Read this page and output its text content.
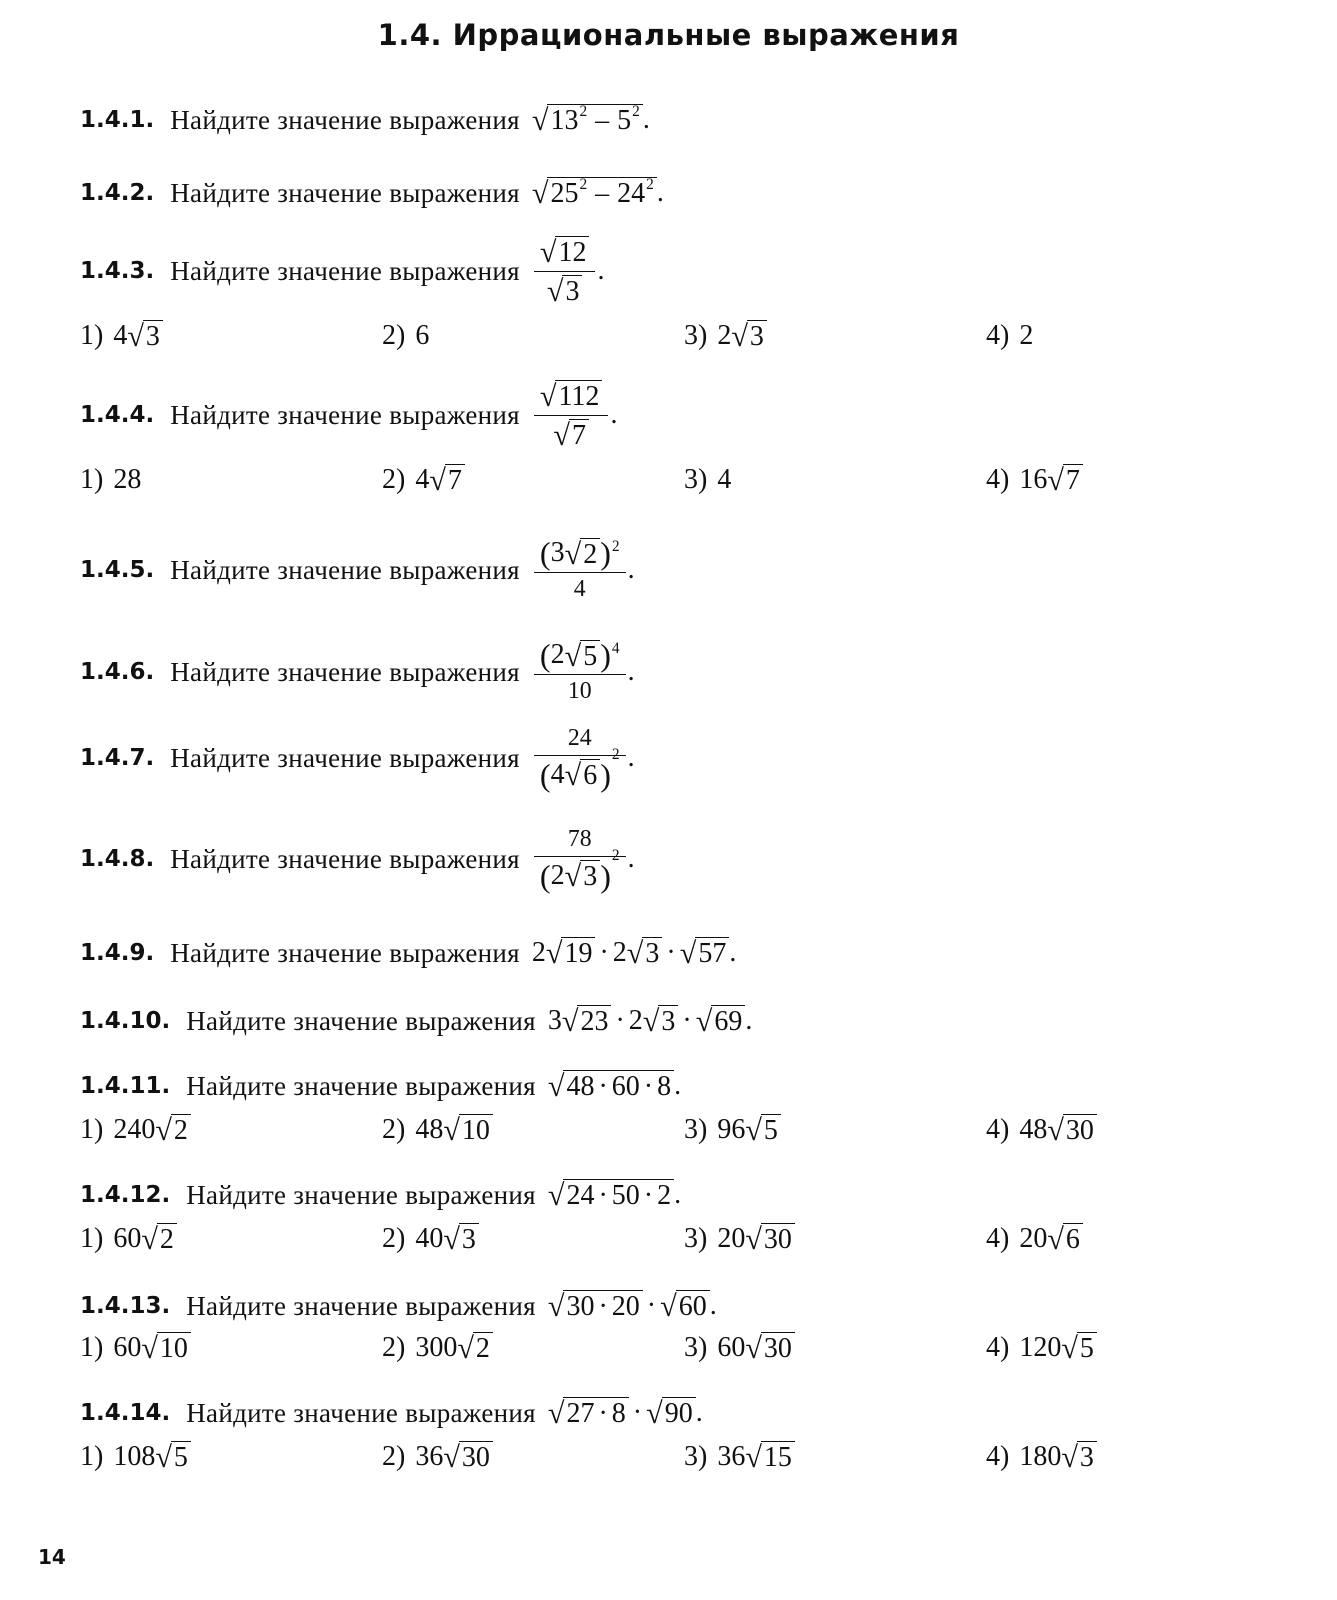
1.4. Иррациональные выражения
1.4.1. Найдите значение выражения √ 13 2 – 5 2 .
1.4.2. Найдите значение выражения √ 25 2 – 24 2 .
1.4.3. Найдите значение выражения $\frac{√ 12}{√ 3}$ .
1) 4 √ 3	2) 6	3) 2 √ 3	4) 2
1.4.4. Найдите значение выражения $\frac{√ 112}{√ 7}$ .
1) 28	2) 4 √ 7	3) 4	4) 16 √ 7
1.4.5. Найдите значение выражения $\frac{( 3 √ 2 ) 2}{4}$ .
1.4.6. Найдите значение выражения $\frac{( 2 √ 5 ) 4}{10}$ .
1.4.7. Найдите значение выражения 24
( 4 √ 6 )
2 .
1.4.8. Найдите значение выражения 78
( 2 √ 3 )
2 .
1.4.9. Найдите значение выражения 2 √ 19 · 2 √ 3 · √ 57 .
1.4.10. Найдите значение выражения 3 √ 23 · 2 √ 3 · √ 69 .
1.4.11. Найдите значение выражения √ 48 · 60 · 8 .
1) 240 √ 2	2) 48 √ 10	3) 96 √ 5	4) 48 √ 30
1.4.12. Найдите значение выражения √ 24 · 50 · 2 .
1) 60 √ 2	2) 40 √ 3	3) 20 √ 30	4) 20 √ 6
1.4.13. Найдите значение выражения √ 30 · 20 · √ 60 .
1) 60 √ 10	2) 300 √ 2	3) 60 √ 30	4) 120 √ 5
1.4.14. Найдите значение выражения √ 27 · 8 · √ 90 .
1) 108 √ 5	2) 36 √ 30	3) 36 √ 15	4) 180 √ 3
14
